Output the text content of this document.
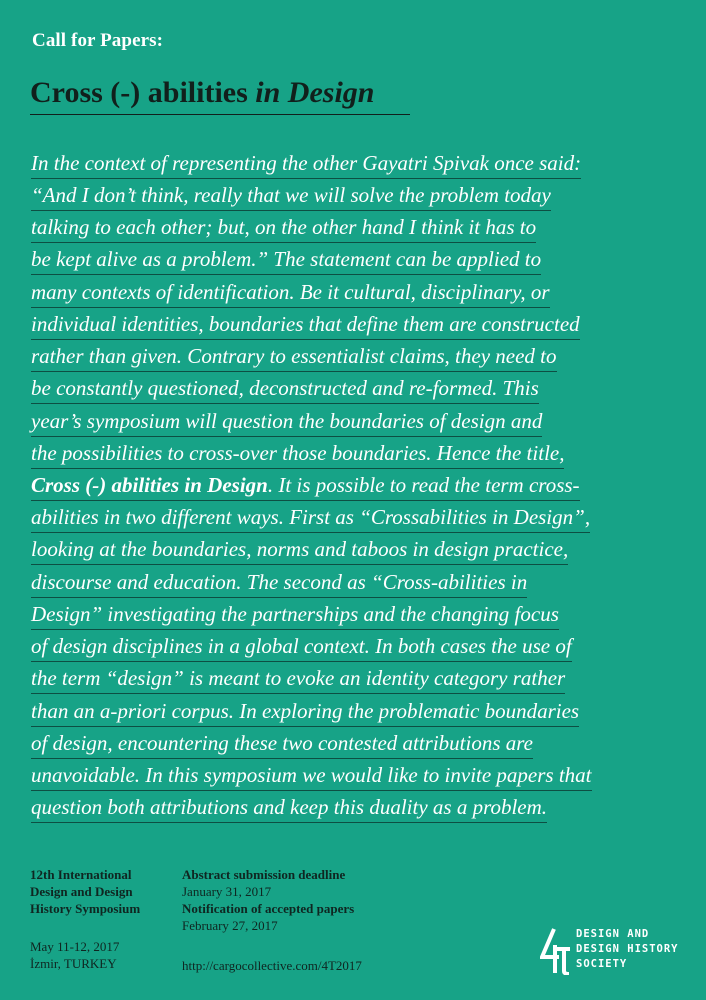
Call for Papers:
Cross (-) abilities in Design
In the context of representing the other Gayatri Spivak once said:
“And I don’t think, really that we will solve the problem today
talking to each other; but, on the other hand I think it has to
be kept alive as a problem.” The statement can be applied to
many contexts of identification. Be it cultural, disciplinary, or
individual identities, boundaries that define them are constructed
rather than given. Contrary to essentialist claims, they need to
be constantly questioned, deconstructed and re-formed. This
year’s symposium will question the boundaries of design and
the possibilities to cross-over those boundaries. Hence the title,
Cross (-) abilities in Design. It is possible to read the term cross-
abilities in two different ways. First as “Crossabilities in Design”,
looking at the boundaries, norms and taboos in design practice,
discourse and education. The second as “Cross-abilities in
Design” investigating the partnerships and the changing focus
of design disciplines in a global context. In both cases the use of
the term “design” is meant to evoke an identity category rather
than an a-priori corpus. In exploring the problematic boundaries
of design, encountering these two contested attributions are
unavoidable. In this symposium we would like to invite papers that
question both attributions and keep this duality as a problem.
12th International
Design and Design
History Symposium
May 11-12, 2017
İzmir, TURKEY
Abstract submission deadline
January 31, 2017
Notification of accepted papers
February 27, 2017
http://cargocollective.com/4T2017
DESIGN AND
DESIGN HISTORY
SOCIETY
